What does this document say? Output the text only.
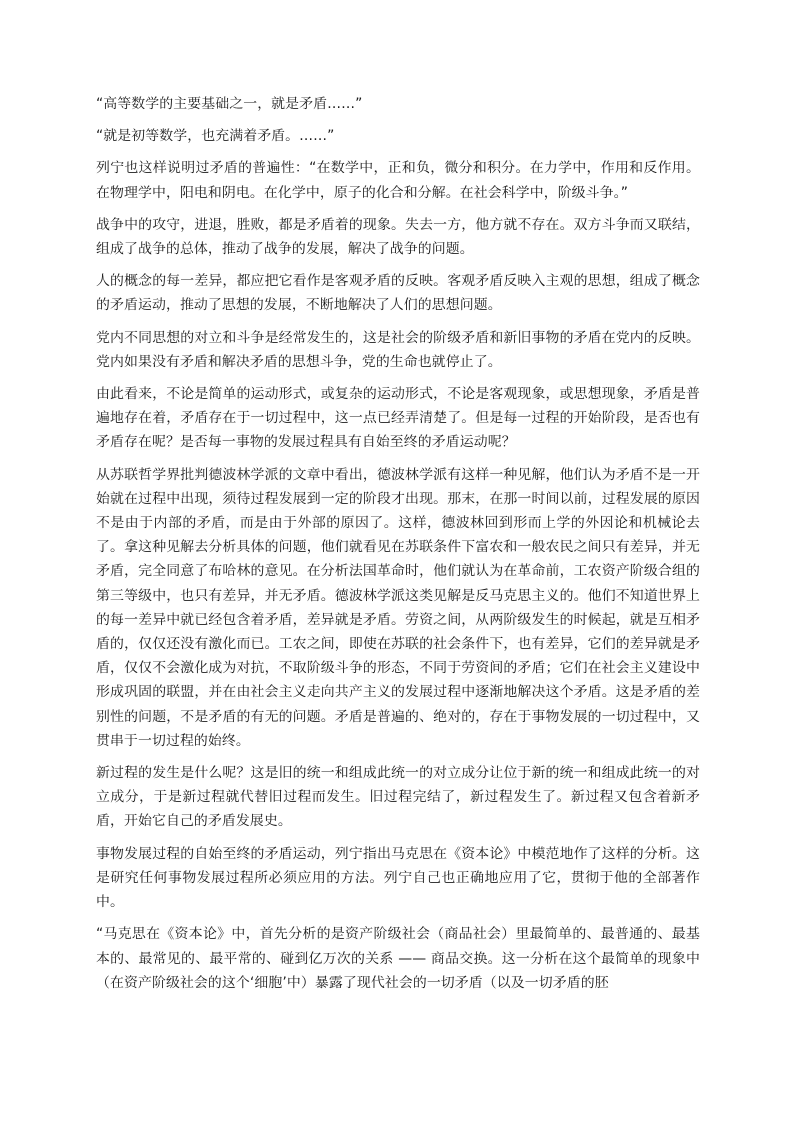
“高等数学的主要基础之一，就是矛盾……”

“就是初等数学，也充满着矛盾。……”

列宁也这样说明过矛盾的普遍性：“在数学中，正和负，微分和积分。在力学中，作用和反作用。在物理学中，阳电和阴电。在化学中，原子的化合和分解。在社会科学中，阶级斗争。”

战争中的攻守，进退，胜败，都是矛盾着的现象。失去一方，他方就不存在。双方斗争而又联结，组成了战争的总体，推动了战争的发展，解决了战争的问题。

人的概念的每一差异，都应把它看作是客观矛盾的反映。客观矛盾反映入主观的思想，组成了概念的矛盾运动，推动了思想的发展，不断地解决了人们的思想问题。

党内不同思想的对立和斗争是经常发生的，这是社会的阶级矛盾和新旧事物的矛盾在党内的反映。党内如果没有矛盾和解决矛盾的思想斗争，党的生命也就停止了。

由此看来，不论是简单的运动形式，或复杂的运动形式，不论是客观现象，或思想现象，矛盾是普遍地存在着，矛盾存在于一切过程中，这一点已经弄清楚了。但是每一过程的开始阶段，是否也有矛盾存在呢？是否每一事物的发展过程具有自始至终的矛盾运动呢？

从苏联哲学界批判德波林学派的文章中看出，德波林学派有这样一种见解，他们认为矛盾不是一开始就在过程中出现，须待过程发展到一定的阶段才出现。那末，在那一时间以前，过程发展的原因不是由于内部的矛盾，而是由于外部的原因了。这样，德波林回到形而上学的外因论和机械论去了。拿这种见解去分析具体的问题，他们就看见在苏联条件下富农和一般农民之间只有差异，并无矛盾，完全同意了布哈林的意见。在分析法国革命时，他们就认为在革命前，工农资产阶级合组的第三等级中，也只有差异，并无矛盾。德波林学派这类见解是反马克思主义的。他们不知道世界上的每一差异中就已经包含着矛盾，差异就是矛盾。劳资之间，从两阶级发生的时候起，就是互相矛盾的，仅仅还没有激化而已。工农之间，即使在苏联的社会条件下，也有差异，它们的差异就是矛盾，仅仅不会激化成为对抗，不取阶级斗争的形态，不同于劳资间的矛盾；它们在社会主义建设中形成巩固的联盟，并在由社会主义走向共产主义的发展过程中逐渐地解决这个矛盾。这是矛盾的差别性的问题，不是矛盾的有无的问题。矛盾是普遍的、绝对的，存在于事物发展的一切过程中，又贯串于一切过程的始终。

新过程的发生是什么呢？这是旧的统一和组成此统一的对立成分让位于新的统一和组成此统一的对立成分，于是新过程就代替旧过程而发生。旧过程完结了，新过程发生了。新过程又包含着新矛盾，开始它自己的矛盾发展史。

事物发展过程的自始至终的矛盾运动，列宁指出马克思在《资本论》中模范地作了这样的分析。这是研究任何事物发展过程所必须应用的方法。列宁自己也正确地应用了它，贯彻于他的全部著作中。

“马克思在《资本论》中，首先分析的是资产阶级社会（商品社会）里最简单的、最普通的、最基本的、最常见的、最平常的、碰到亿万次的关系 —— 商品交换。这一分析在这个最简单的现象中（在资产阶级社会的这个‘细胞’中）暴露了现代社会的一切矛盾（以及一切矛盾的胚
